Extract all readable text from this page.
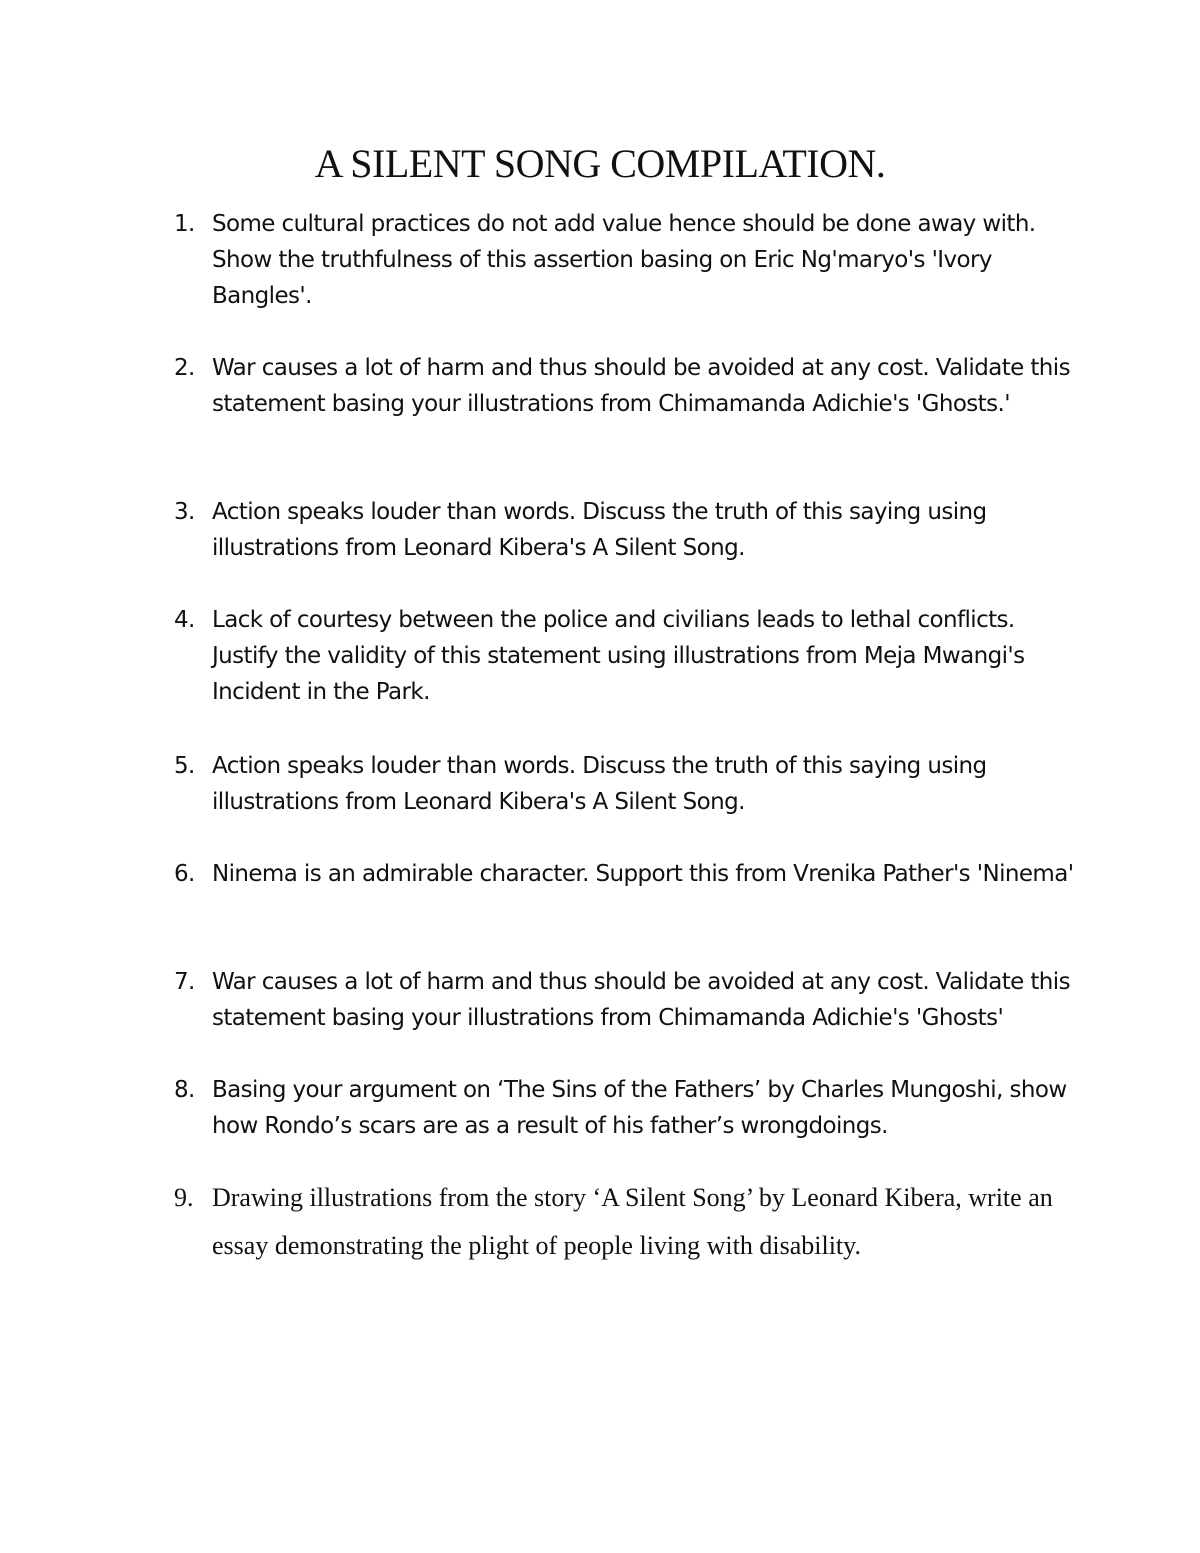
A SILENT SONG COMPILATION.
1. Some cultural practices do not add value hence should be done away with. Show the truthfulness of this assertion basing on Eric Ng'maryo's 'Ivory Bangles'.
2. War causes a lot of harm and thus should be avoided at any cost. Validate this statement basing your illustrations from Chimamanda Adichie's 'Ghosts.'
3. Action speaks louder than words. Discuss the truth of this saying using illustrations from Leonard Kibera's A Silent Song.
4. Lack of courtesy between the police and civilians leads to lethal conflicts. Justify the validity of this statement using illustrations from Meja Mwangi's Incident in the Park.
5. Action speaks louder than words. Discuss the truth of this saying using illustrations from Leonard Kibera's A Silent Song.
6. Ninema is an admirable character. Support this from Vrenika Pather's 'Ninema'
7. War causes a lot of harm and thus should be avoided at any cost. Validate this statement basing your illustrations from Chimamanda Adichie's 'Ghosts'
8. Basing your argument on ‘The Sins of the Fathers’ by Charles Mungoshi, show how Rondo’s scars are as a result of his father’s wrongdoings.
9. Drawing illustrations from the story ‘A Silent Song’ by Leonard Kibera, write an essay demonstrating the plight of people living with disability.
